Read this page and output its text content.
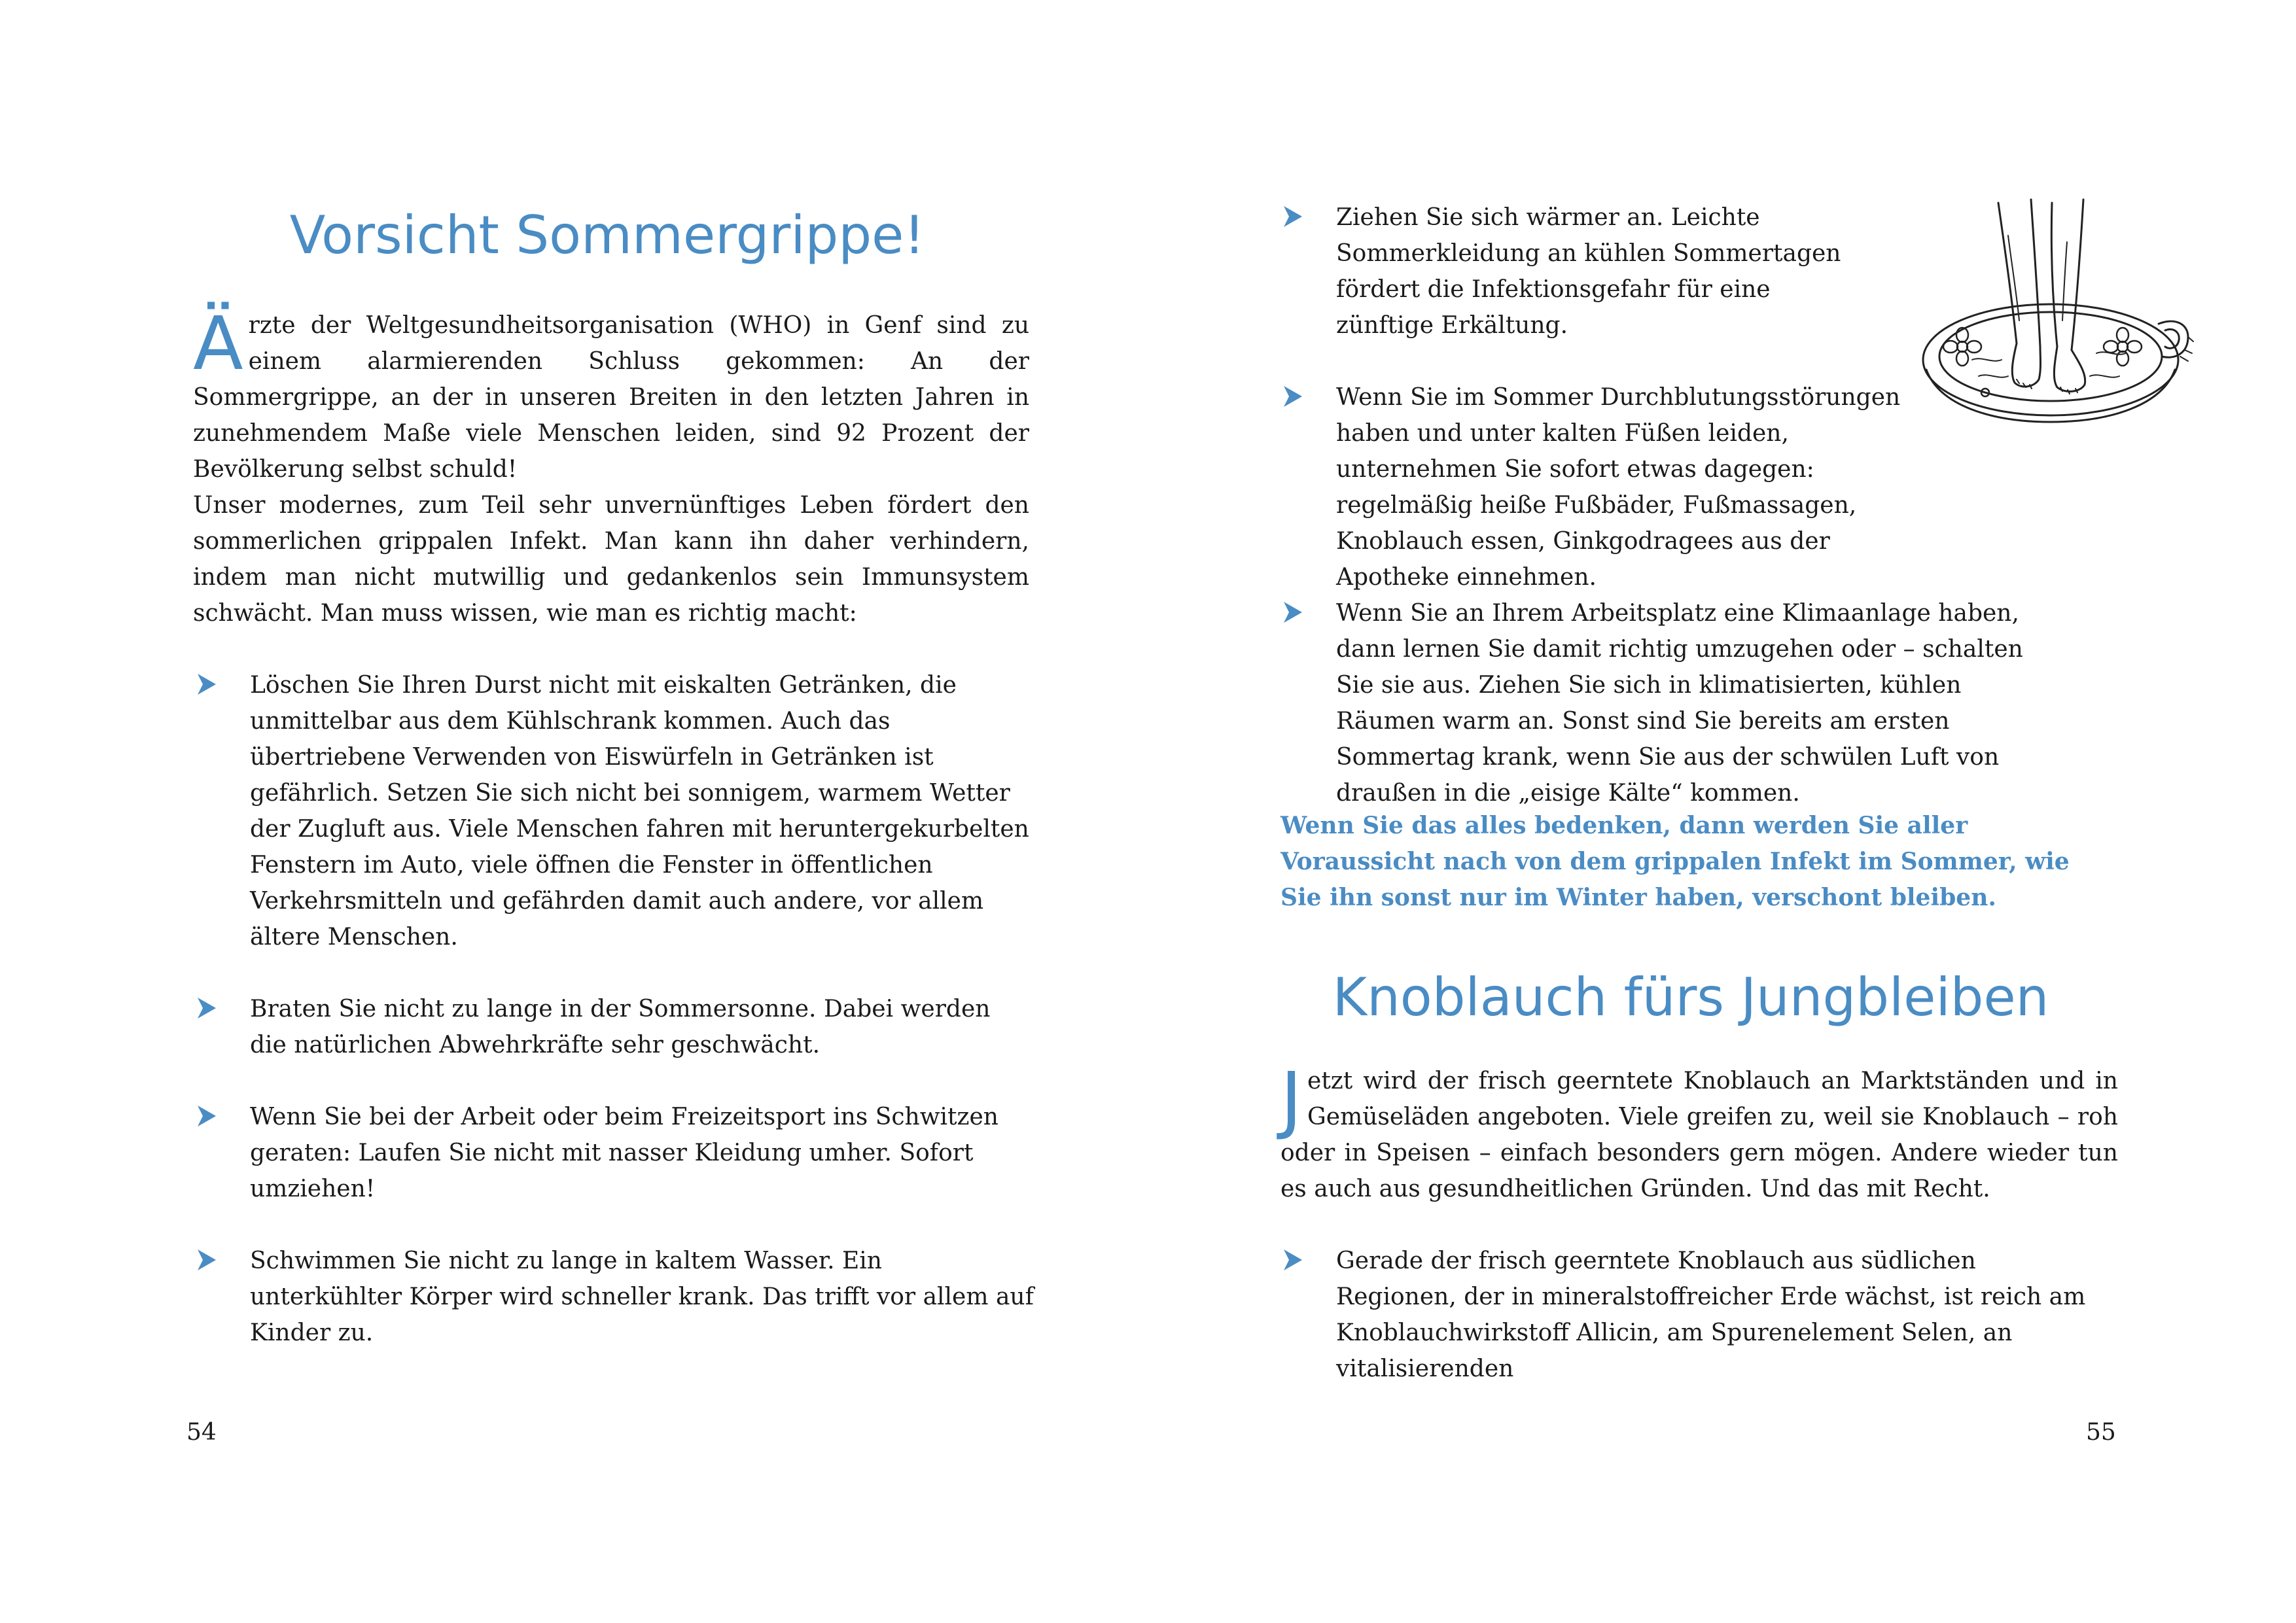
Vorsicht Sommergrippe!

Ä rzte der Weltgesundheitsorganisation (WHO) in Genf sind zu einem alarmierenden Schluss gekommen: An der Sommergrippe, an der in unseren Breiten in den letzten Jahren in zunehmendem Maße viele Menschen leiden, sind 92 Prozent der Bevölkerung selbst schuld!

Unser modernes, zum Teil sehr unvernünftiges Leben fördert den sommerlichen grippalen Infekt. Man kann ihn daher verhindern, indem man nicht mutwillig und gedankenlos sein Immunsystem schwächt. Man muss wissen, wie man es richtig macht:

Löschen Sie Ihren Durst nicht mit eiskalten Getränken, die unmittelbar aus dem Kühlschrank kommen. Auch das übertriebene Verwenden von Eiswürfeln in Getränken ist gefährlich. Setzen Sie sich nicht bei sonnigem, warmem Wetter der Zugluft aus. Viele Menschen fahren mit heruntergekurbelten Fenstern im Auto, viele öffnen die Fenster in öffentlichen Verkehrsmitteln und gefährden damit auch andere, vor allem ältere Menschen.
Braten Sie nicht zu lange in der Sommersonne. Dabei werden die natürlichen Abwehrkräfte sehr geschwächt.
Wenn Sie bei der Arbeit oder beim Freizeitsport ins Schwitzen geraten: Laufen Sie nicht mit nasser Kleidung umher. Sofort umziehen!
Schwimmen Sie nicht zu lange in kaltem Wasser. Ein unterkühlter Körper wird schneller krank. Das trifft vor allem auf Kinder zu.
54
Ziehen Sie sich wärmer an. Leichte Sommerkleidung an kühlen Sommertagen fördert die Infektionsgefahr für eine zünftige Erkältung.
Wenn Sie im Sommer Durchblutungsstörungen haben und unter kalten Füßen leiden, unternehmen Sie sofort etwas dagegen: regelmäßig heiße Fußbäder, Fußmassagen, Knoblauch essen, Ginkgodragees aus der Apotheke einnehmen.
Wenn Sie an Ihrem Arbeitsplatz eine Klimaanlage haben, dann lernen Sie damit richtig umzugehen oder – schalten Sie sie aus. Ziehen Sie sich in klimatisierten, kühlen Räumen warm an. Sonst sind Sie bereits am ersten Sommertag krank, wenn Sie aus der schwülen Luft von draußen in die „eisige Kälte“ kommen.

Wenn Sie das alles bedenken, dann werden Sie aller Voraussicht nach von dem grippalen Infekt im Sommer, wie Sie ihn sonst nur im Winter haben, verschont bleiben.

Knoblauch fürs Jungbleiben

J etzt wird der frisch geerntete Knoblauch an Marktständen und in Gemüseläden angeboten. Viele greifen zu, weil sie Knoblauch – roh oder in Speisen – einfach besonders gern mögen. Andere wieder tun es auch aus gesundheitlichen Gründen. Und das mit Recht.

Gerade der frisch geerntete Knoblauch aus südlichen Regionen, der in mineralstoffreicher Erde wächst, ist reich am Knoblauchwirkstoff Allicin, am Spurenelement Selen, an vitalisierenden
55
